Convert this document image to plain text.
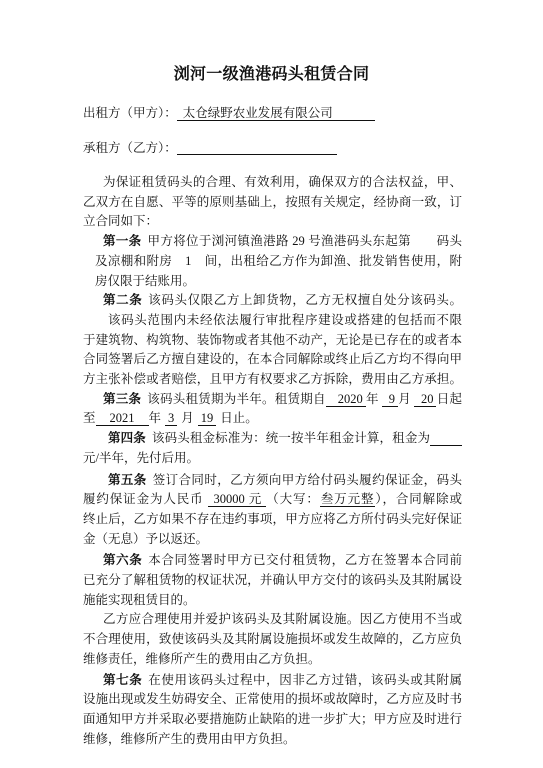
浏河一级渔港码头租赁合同
出租方（甲方）： 太仓绿野农业发展有限公司
承租方（乙方）：
为保证租赁码头的合理、有效利用，确保双方的合法权益，甲、
乙双方在自愿、平等的原则基础上，按照有关规定，经协商一致，订
立合同如下：
第一条 甲方将位于浏河镇渔港路 29 号渔港码头东起第　　码头
及凉棚和附房　1　间，出租给乙方作为卸渔、批发销售使用，附
房仅限于结账用。
第二条 该码头仅限乙方上卸货物，乙方无权擅自处分该码头。
该码头范围内未经依法履行审批程序建设或搭建的包括而不限
于建筑物、构筑物、装饰物或者其他不动产，无论是已存在的或者本
合同签署后乙方擅自建设的，在本合同解除或终止后乙方均不得向甲
方主张补偿或者赔偿，且甲方有权要求乙方拆除，费用由乙方承担。
第三条 该码头租赁期为半年。租赁期自 2020 年 9 月 20 日起
至 2021 年 3 月 19 日止。
第四条 该码头租金标准为：统一按半年租金计算，租金为
元/半年，先付后用。
第五条 签订合同时，乙方须向甲方给付码头履约保证金，码头
履约保证金为人民币 30000 元 （大写：叁万元整），合同解除或
终止后，乙方如果不存在违约事项，甲方应将乙方所付码头完好保证
金（无息）予以返还。
第六条 本合同签署时甲方已交付租赁物，乙方在签署本合同前
已充分了解租赁物的权证状况，并确认甲方交付的该码头及其附属设
施能实现租赁目的。
乙方应合理使用并爱护该码头及其附属设施。因乙方使用不当或
不合理使用，致使该码头及其附属设施损坏或发生故障的，乙方应负
维修责任，维修所产生的费用由乙方负担。
第七条 在使用该码头过程中，因非乙方过错，该码头或其附属
设施出现或发生妨碍安全、正常使用的损坏或故障时，乙方应及时书
面通知甲方并采取必要措施防止缺陷的进一步扩大；甲方应及时进行
维修，维修所产生的费用由甲方负担。
